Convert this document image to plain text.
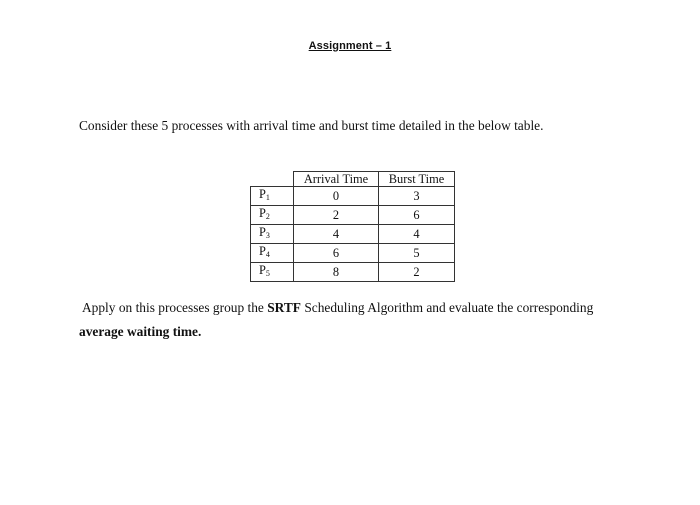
Assignment – 1
Consider these 5 processes with arrival time and burst time detailed in the below table.
	Arrival Time	Burst Time
$P_1$	0	3
$P_2$	2	6
$P_3$	4	4
$P_4$	6	5
$P_5$	8	2
Apply on this processes group the SRTF Scheduling Algorithm and evaluate the corresponding
average waiting time.
